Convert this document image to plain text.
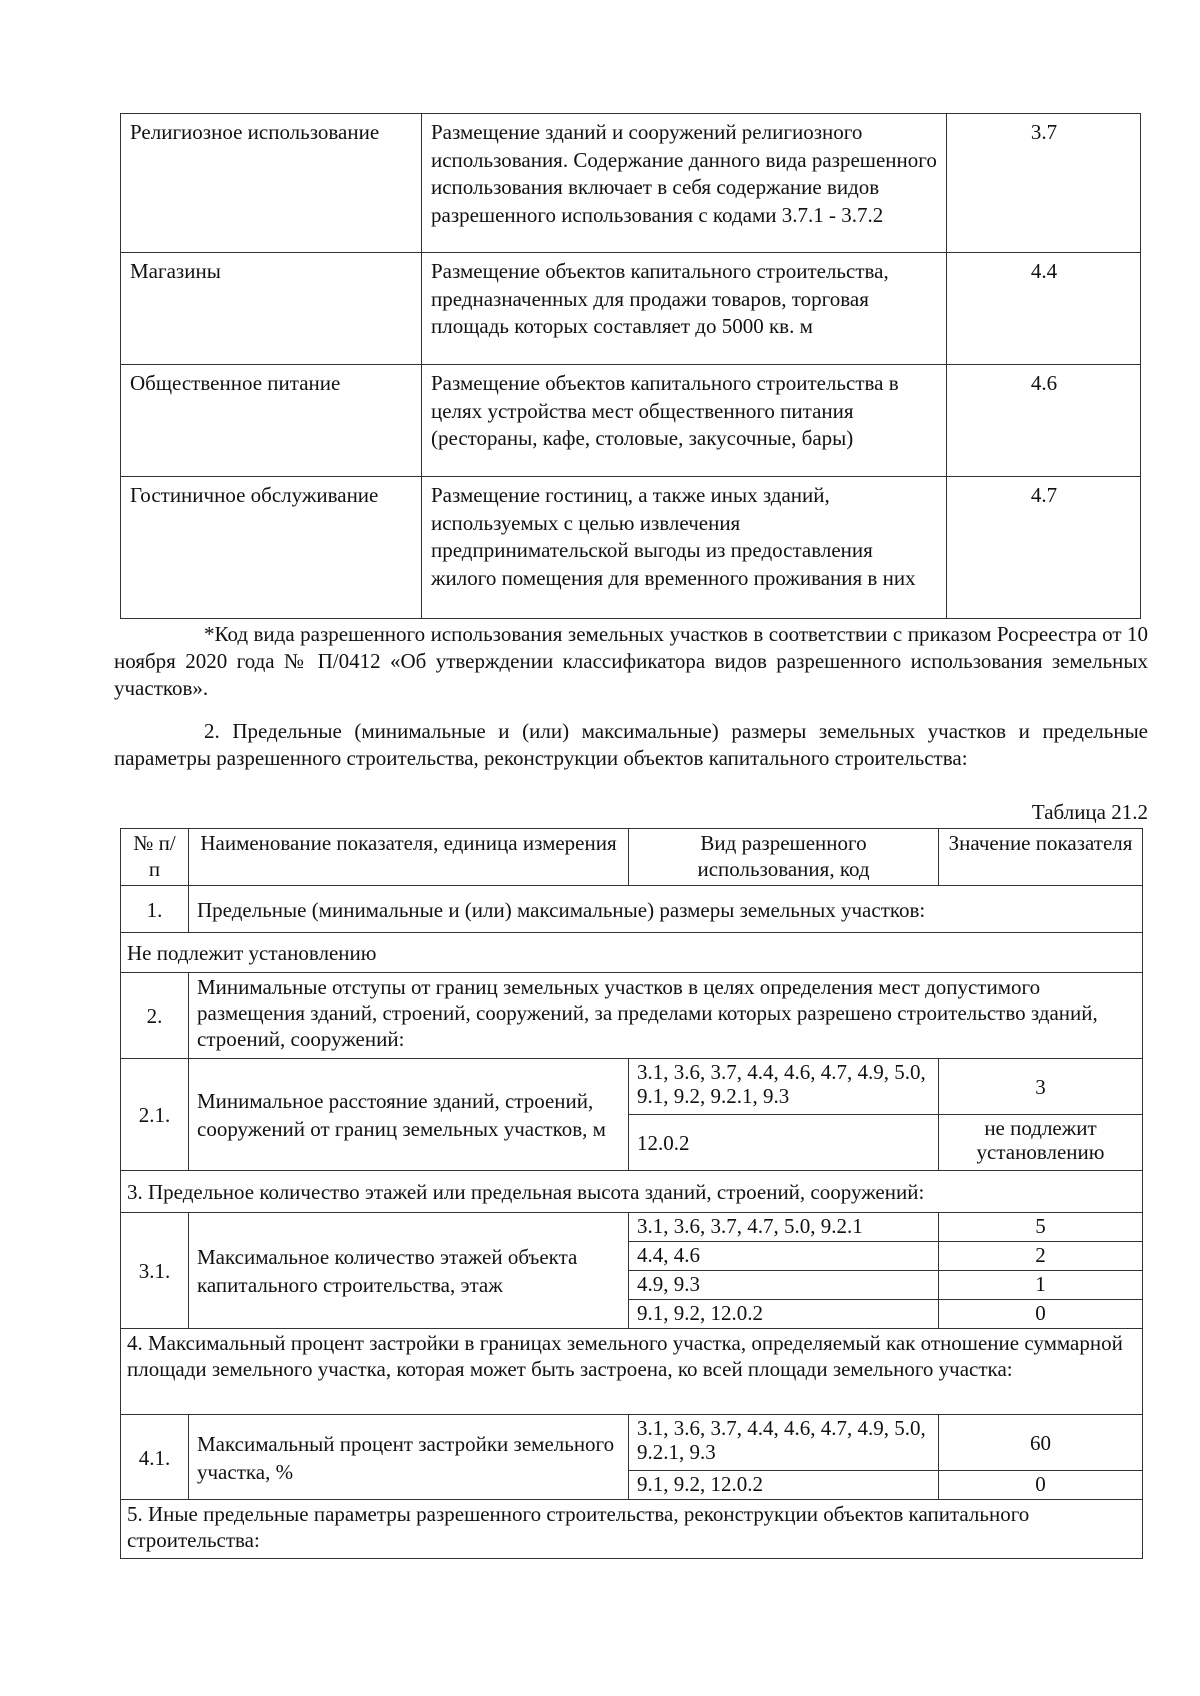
Религиозное использование	Размещение зданий и сооружений религиозного использования. Содержание данного вида разрешенного использования включает в себя содержание видов разрешенного использования с кодами 3.7.1 - 3.7.2	3.7
Магазины	Размещение объектов капитального строительства, предназначенных для продажи товаров, торговая площадь которых составляет до 5000 кв. м	4.4
Общественное питание	Размещение объектов капитального строительства в целях устройства мест общественного питания (рестораны, кафе, столовые, закусочные, бары)	4.6
Гостиничное обслуживание	Размещение гостиниц, а также иных зданий, используемых с целью извлечения предпринимательской выгоды из предоставления жилого помещения для временного проживания в них	4.7

*Код вида разрешенного использования земельных участков в соответствии с приказом Росреестра от 10 ноября 2020 года № П/0412 «Об утверждении классификатора видов разрешенного использования земельных участков».

2. Предельные (минимальные и (или) максимальные) размеры земельных участков и предельные параметры разрешенного строительства, реконструкции объектов капитального строительства:

Таблица 21.2

№ п/п	Наименование показателя, единица измерения	Вид разрешенного использования, код	Значение показателя
1.	Предельные (минимальные и (или) максимальные) размеры земельных участков:		
Не подлежит установлению			
2.	Минимальные отступы от границ земельных участков в целях определения мест допустимого размещения зданий, строений, сооружений, за пределами которых разрешено строительство зданий, строений, сооружений:		
2.1.	Минимальное расстояние зданий, строений, сооружений от границ земельных участков, м	3.1, 3.6, 3.7, 4.4, 4.6, 4.7, 4.9, 5.0, 9.1, 9.2, 9.2.1, 9.3	3
		12.0.2	не подлежит установлению
3. Предельное количество этажей или предельная высота зданий, строений, сооружений:			
3.1.	Максимальное количество этажей объекта капитального строительства, этаж	3.1, 3.6, 3.7, 4.7, 5.0, 9.2.1	5
		4.4, 4.6	2
		4.9, 9.3	1
		9.1, 9.2, 12.0.2	0
4. Максимальный процент застройки в границах земельного участка, определяемый как отношение суммарной площади земельного участка, которая может быть застроена, ко всей площади земельного участка:			
4.1.	Максимальный процент застройки земельного участка, %	3.1, 3.6, 3.7, 4.4, 4.6, 4.7, 4.9, 5.0, 9.2.1, 9.3	60
		9.1, 9.2, 12.0.2	0
5. Иные предельные параметры разрешенного строительства, реконструкции объектов капитального строительства:			
